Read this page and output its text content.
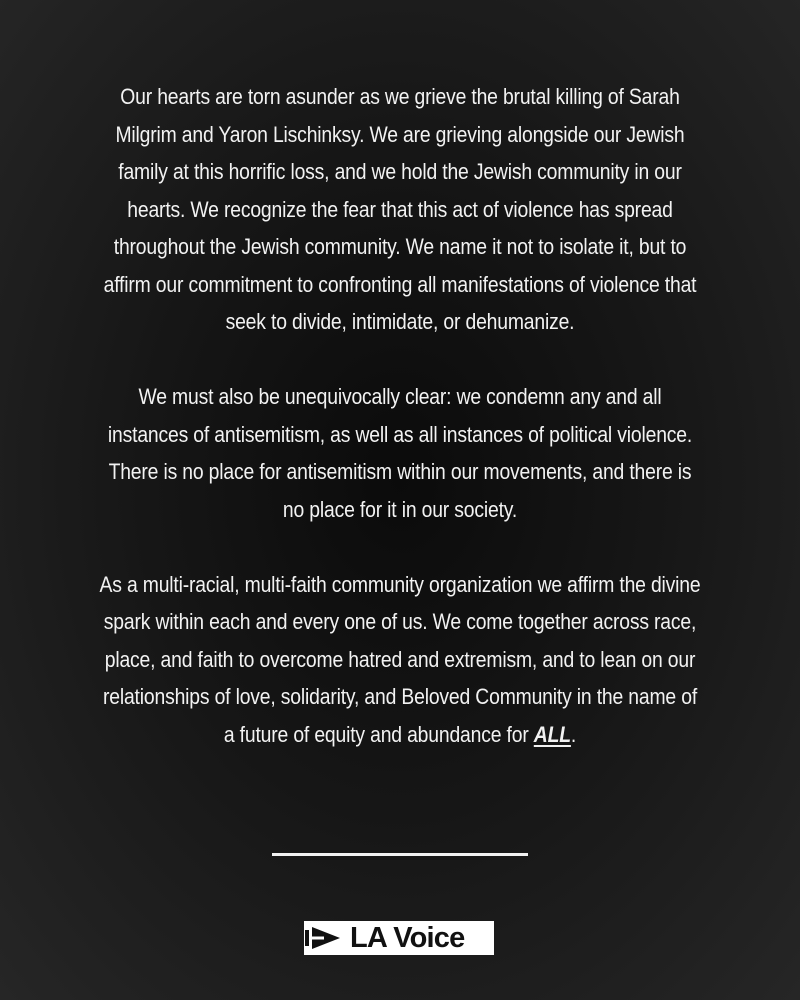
Our hearts are torn asunder as we grieve the brutal killing of Sarah Milgrim and Yaron Lischinksy. We are grieving alongside our Jewish family at this horrific loss, and we hold the Jewish community in our hearts. We recognize the fear that this act of violence has spread throughout the Jewish community. We name it not to isolate it, but to affirm our commitment to confronting all manifestations of violence that seek to divide, intimidate, or dehumanize.

We must also be unequivocally clear: we condemn any and all instances of antisemitism, as well as all instances of political violence. There is no place for antisemitism within our movements, and there is no place for it in our society.

As a multi-racial, multi-faith community organization we affirm the divine spark within each and every one of us. We come together across race, place, and faith to overcome hatred and extremism, and to lean on our relationships of love, solidarity, and Beloved Community in the name of a future of equity and abundance for ALL.

LA Voice
